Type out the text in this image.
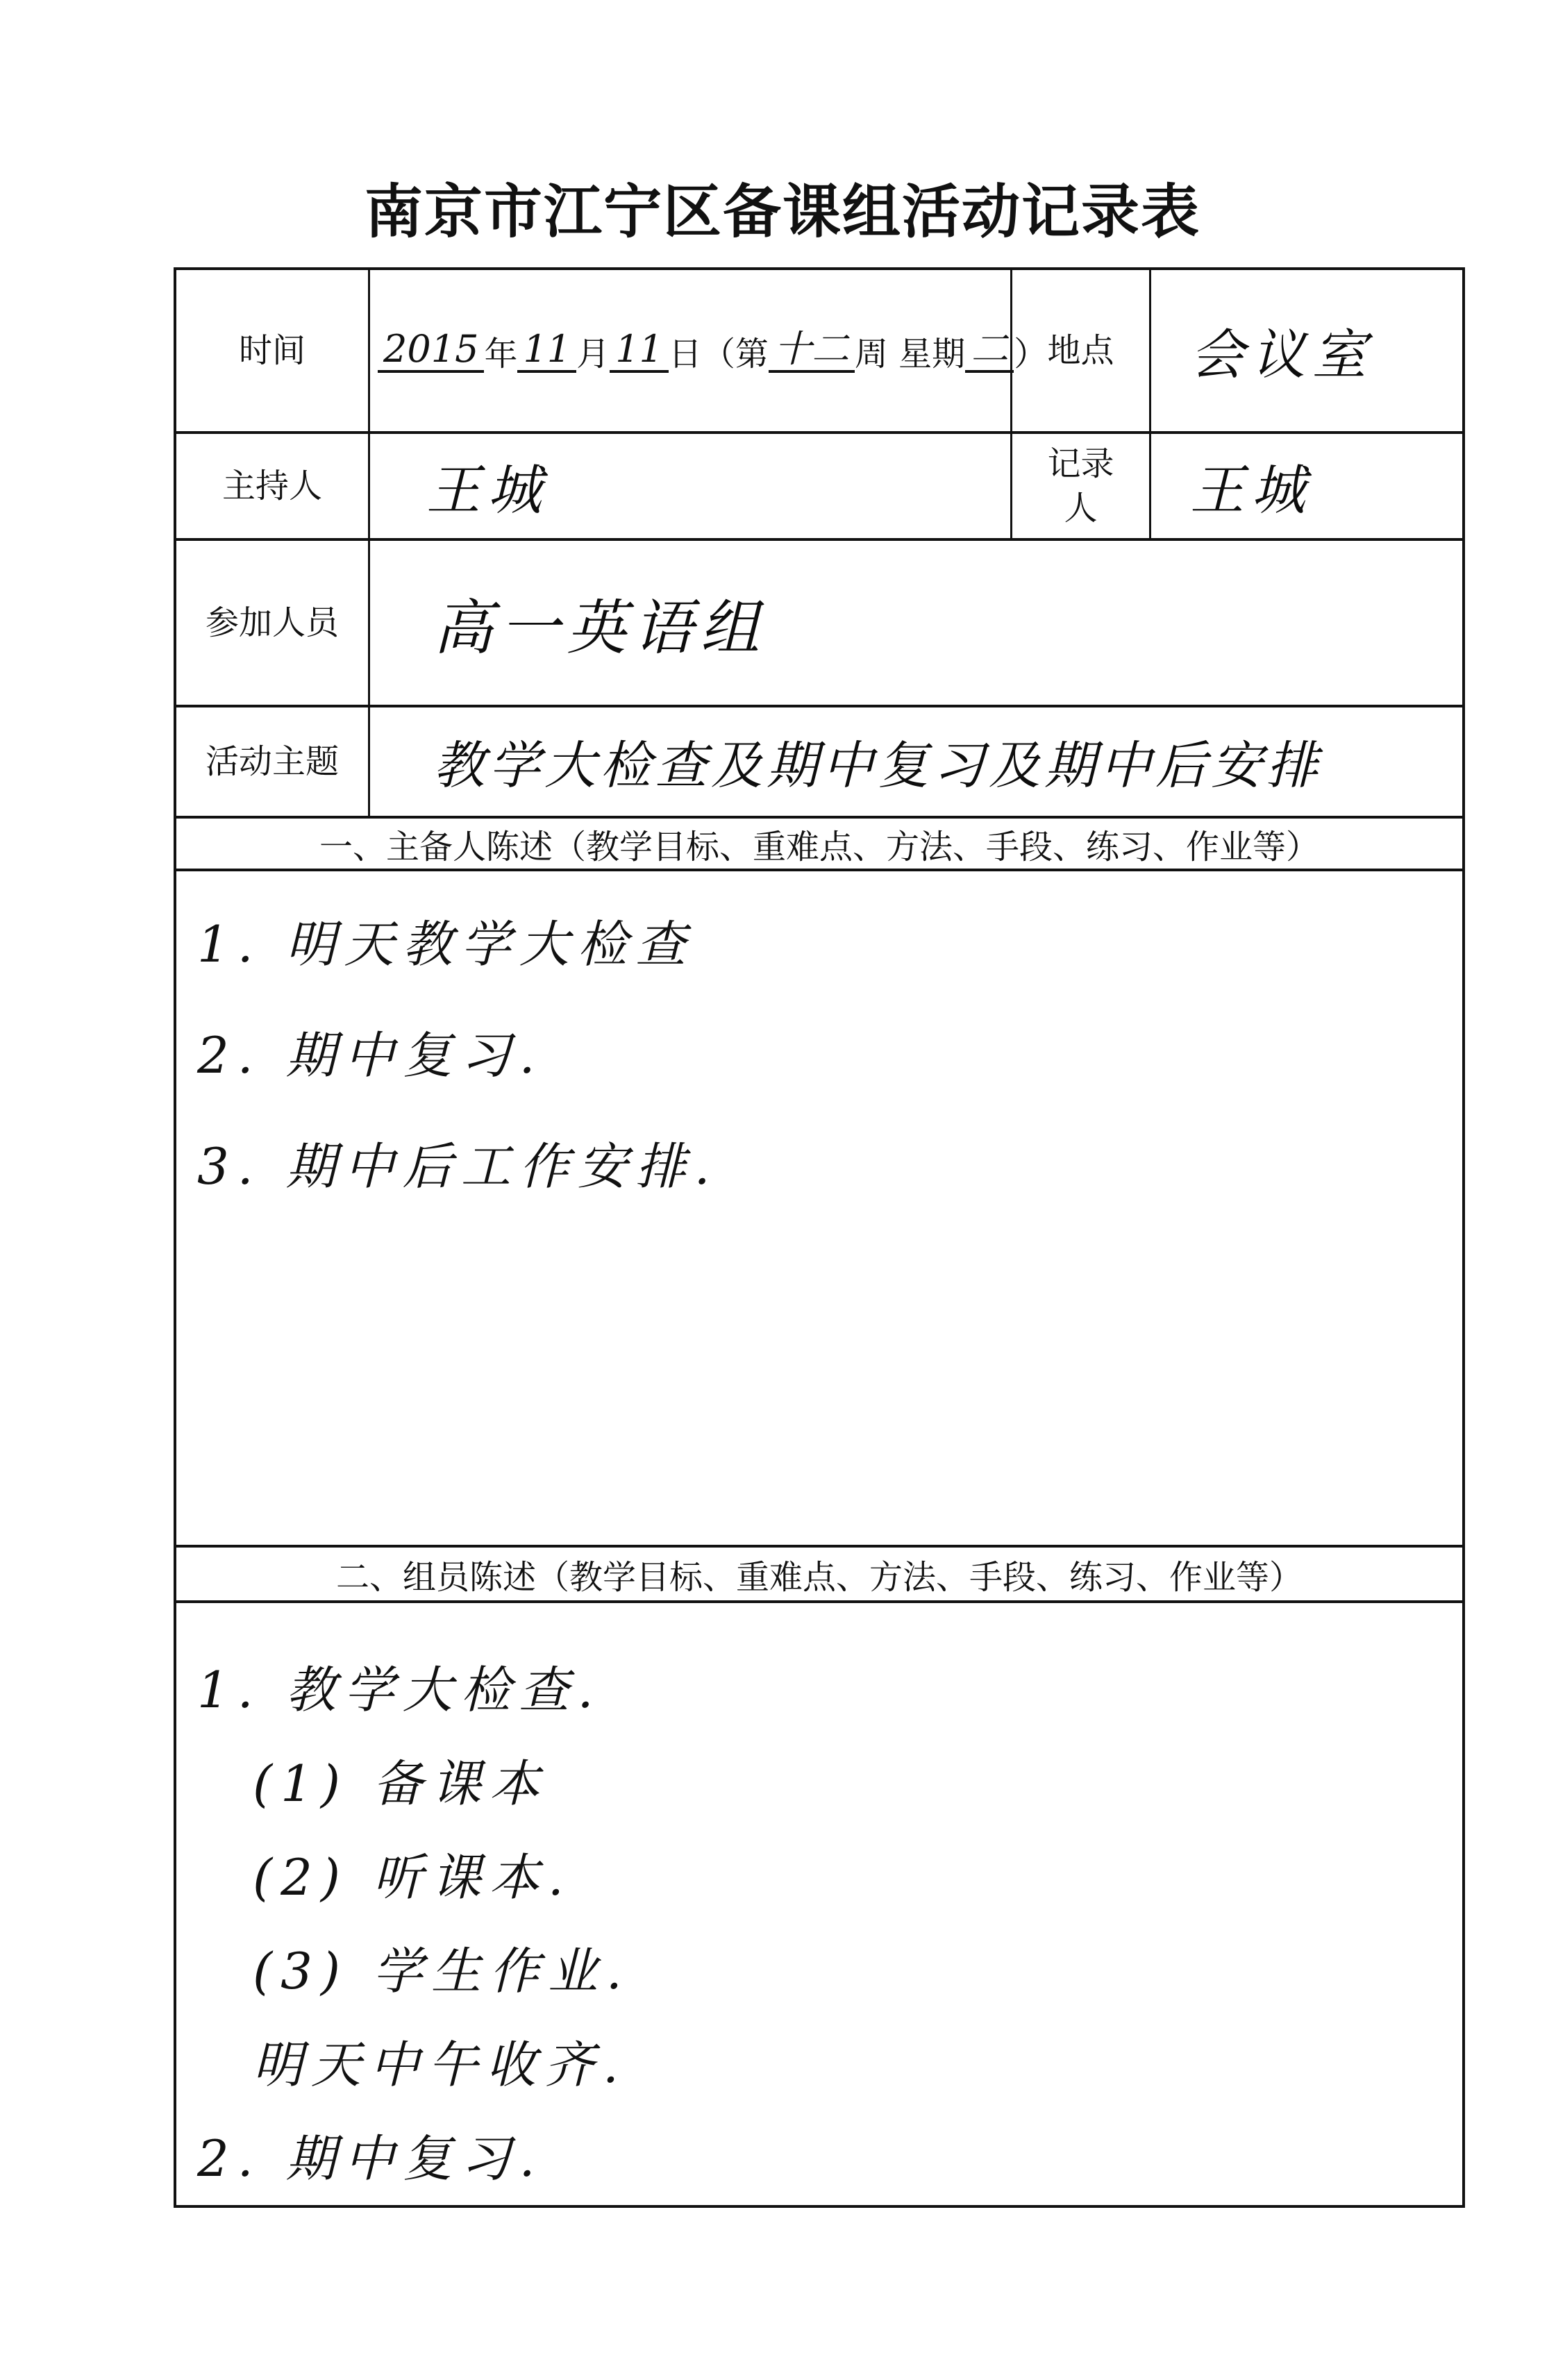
南京市江宁区备课组活动记录表
时间	2015 年 11 月 11 日（第 十二 周 星期 二 ） 地点	会议室
主持人	王城	记录人	王城
参加人员	高一英语组
活动主题	教学大检查及期中复习及期中后安排
一、主备人陈述（教学目标、重难点、方法、手段、练习、作业等）
1. 明天教学大检查
2. 期中复习.
3. 期中后工作安排.
二、组员陈述（教学目标、重难点、方法、手段、练习、作业等）
1. 教学大检查.
(1) 备课本
(2) 听课本.
(3) 学生作业.
明天中午收齐.
2. 期中复习.
